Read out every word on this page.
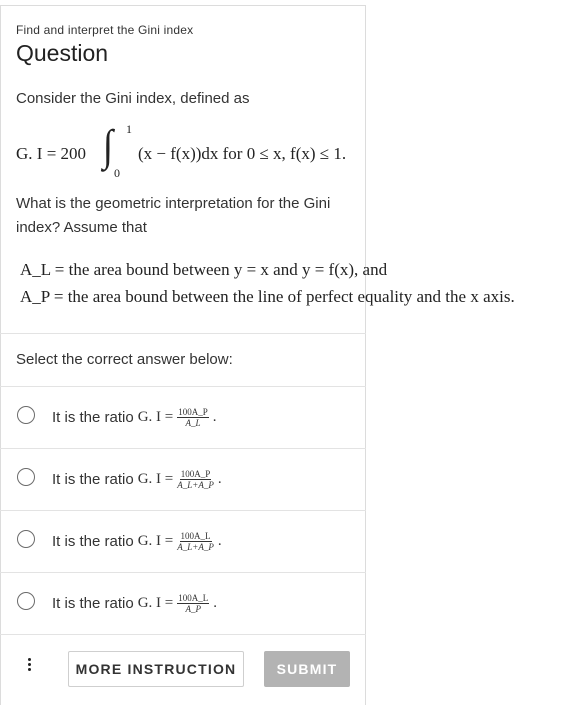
Find and interpret the Gini index
Question
Consider the Gini index, defined as
G. I = 200 ∫ 1
0
(x − f(x))dx for 0 ≤ x, f(x) ≤ 1.
What is the geometric interpretation for the Gini index? Assume that
A_L = the area bound between y = x and y = f(x), and
A_P = the area bound between the line of perfect equality and the x axis.
Select the correct answer below:
It is the ratio G. $I = \frac{100A\_P}{A\_L}$ .
It is the ratio G. $I = \frac{100A\_P}{A\_L+A\_P}$ .
It is the ratio G. $I = \frac{100A\_L}{A\_L+A\_P}$ .
It is the ratio G. $I = \frac{100A\_L}{A\_P}$ .
MORE INSTRUCTION	SUBMIT
